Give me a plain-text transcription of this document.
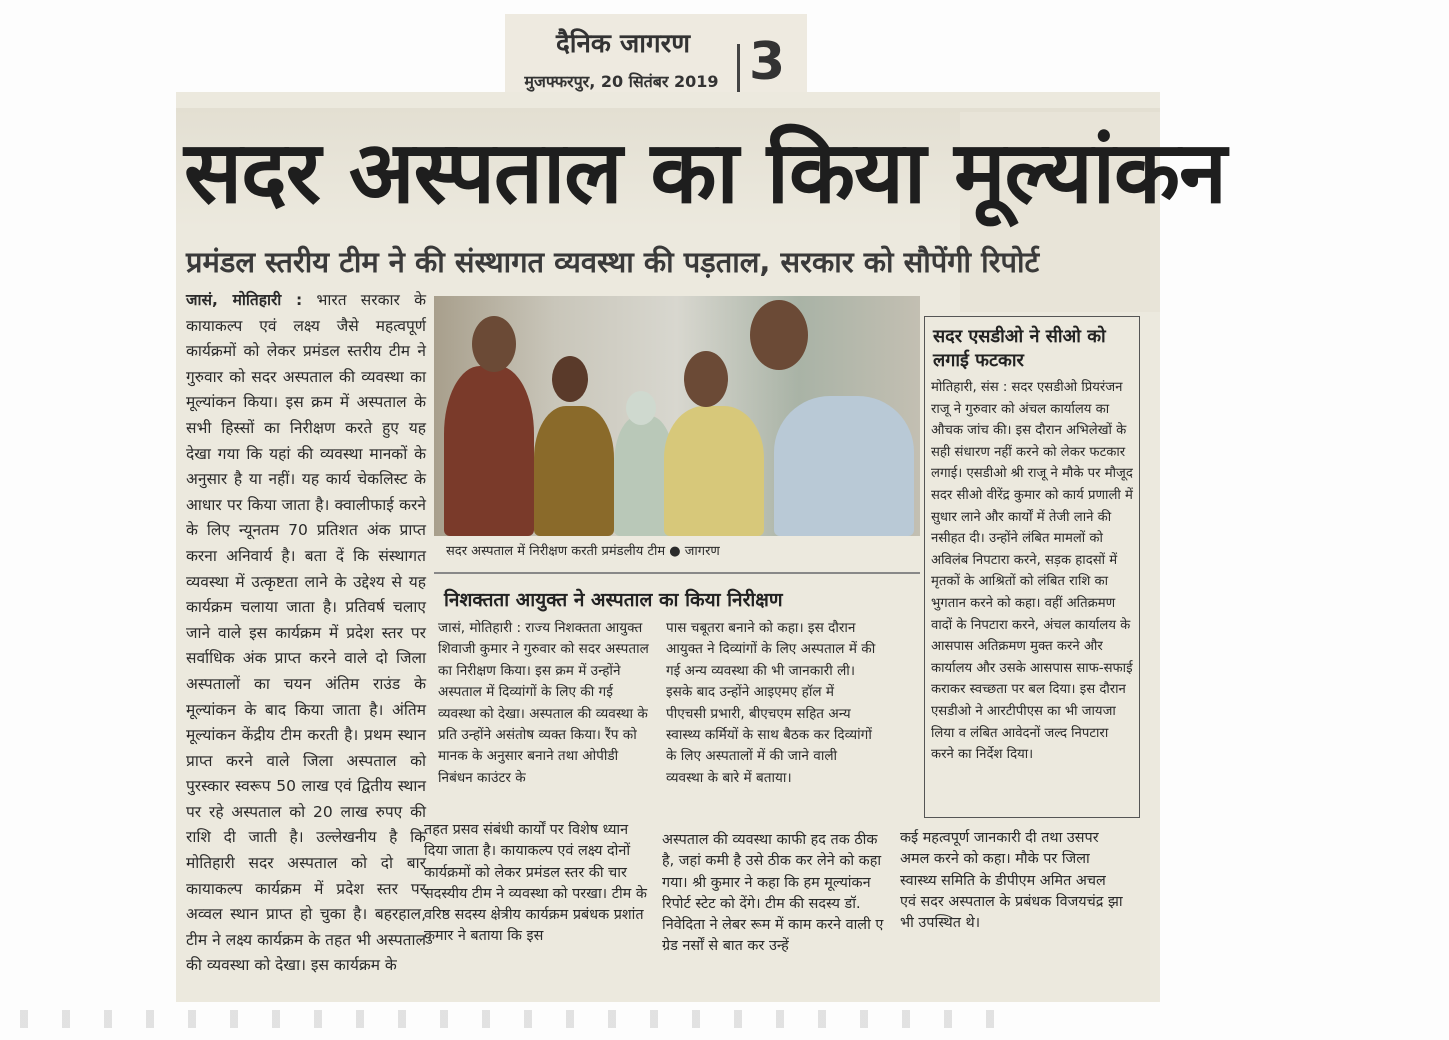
दैनिक जागरण
मुजफ्फरपुर, 20 सितंबर 2019 3
सदर अस्पताल का किया मूल्यांकन
प्रमंडल स्तरीय टीम ने की संस्थागत व्यवस्था की पड़ताल, सरकार को सौपेंगी रिपोर्ट
जासं, मोतिहारी : भारत सरकार के कायाकल्प एवं लक्ष्य जैसे महत्वपूर्ण कार्यक्रमों को लेकर प्रमंडल स्तरीय टीम ने गुरुवार को सदर अस्पताल की व्यवस्था का मूल्यांकन किया। इस क्रम में अस्पताल के सभी हिस्सों का निरीक्षण करते हुए यह देखा गया कि यहां की व्यवस्था मानकों के अनुसार है या नहीं। यह कार्य चेकलिस्ट के आधार पर किया जाता है। क्वालीफाई करने के लिए न्यूनतम 70 प्रतिशत अंक प्राप्त करना अनिवार्य है। बता दें कि संस्थागत व्यवस्था में उत्कृष्टता लाने के उद्देश्य से यह कार्यक्रम चलाया जाता है। प्रतिवर्ष चलाए जाने वाले इस कार्यक्रम में प्रदेश स्तर पर सर्वाधिक अंक प्राप्त करने वाले दो जिला अस्पतालों का चयन अंतिम राउंड के मूल्यांकन के बाद किया जाता है। अंतिम मूल्यांकन केंद्रीय टीम करती है। प्रथम स्थान प्राप्त करने वाले जिला अस्पताल को पुरस्कार स्वरूप 50 लाख एवं द्वितीय स्थान पर रहे अस्पताल को 20 लाख रुपए की राशि दी जाती है। उल्लेखनीय है कि मोतिहारी सदर अस्पताल को दो बार कायाकल्प कार्यक्रम में प्रदेश स्तर पर अव्वल स्थान प्राप्त हो चुका है। बहरहाल, टीम ने लक्ष्य कार्यक्रम के तहत भी अस्पताल की व्यवस्था को देखा। इस कार्यक्रम के
सदर अस्पताल में निरीक्षण करती प्रमंडलीय टीम ● जागरण
निशक्तता आयुक्त ने अस्पताल का किया निरीक्षण
जासं, मोतिहारी : राज्य निशक्तता आयुक्त शिवाजी कुमार ने गुरुवार को सदर अस्पताल का निरीक्षण किया। इस क्रम में उन्होंने अस्पताल में दिव्यांगों के लिए की गई व्यवस्था को देखा। अस्पताल की व्यवस्था के प्रति उन्होंने असंतोष व्यक्त किया। रैंप को मानक के अनुसार बनाने तथा ओपीडी निबंधन काउंटर के
पास चबूतरा बनाने को कहा। इस दौरान आयुक्त ने दिव्यांगों के लिए अस्पताल में की गई अन्य व्यवस्था की भी जानकारी ली। इसके बाद उन्होंने आइएमए हॉल में पीएचसी प्रभारी, बीएचएम सहित अन्य स्वास्थ्य कर्मियों के साथ बैठक कर दिव्यांगों के लिए अस्पतालों में की जाने वाली व्यवस्था के बारे में बताया।
सदर एसडीओ ने सीओ को लगाई फटकार
मोतिहारी, संस : सदर एसडीओ प्रियरंजन राजू ने गुरुवार को अंचल कार्यालय का औचक जांच की। इस दौरान अभिलेखों के सही संधारण नहीं करने को लेकर फटकार लगाई। एसडीओ श्री राजू ने मौके पर मौजूद सदर सीओ वीरेंद्र कुमार को कार्य प्रणाली में सुधार लाने और कार्यों में तेजी लाने की नसीहत दी। उन्होंने लंबित मामलों को अविलंब निपटारा करने, सड़क हादसों में मृतकों के आश्रितों को लंबित राशि का भुगतान करने को कहा। वहीं अतिक्रमण वादों के निपटारा करने, अंचल कार्यालय के आसपास अतिक्रमण मुक्त करने और कार्यालय और उसके आसपास साफ-सफाई कराकर स्वच्छता पर बल दिया। इस दौरान एसडीओ ने आरटीपीएस का भी जायजा लिया व लंबित आवेदनों जल्द निपटारा करने का निर्देश दिया।
तहत प्रसव संबंधी कार्यों पर विशेष ध्यान दिया जाता है। कायाकल्प एवं लक्ष्य दोनों कार्यक्रमों को लेकर प्रमंडल स्तर की चार सदस्यीय टीम ने व्यवस्था को परखा। टीम के वरिष्ठ सदस्य क्षेत्रीय कार्यक्रम प्रबंधक प्रशांत कुमार ने बताया कि इस
अस्पताल की व्यवस्था काफी हद तक ठीक है, जहां कमी है उसे ठीक कर लेने को कहा गया। श्री कुमार ने कहा कि हम मूल्यांकन रिपोर्ट स्टेट को देंगे। टीम की सदस्य डॉ. निवेदिता ने लेबर रूम में काम करने वाली ए ग्रेड नर्सों से बात कर उन्हें
कई महत्वपूर्ण जानकारी दी तथा उसपर अमल करने को कहा। मौके पर जिला स्वास्थ्य समिति के डीपीएम अमित अचल एवं सदर अस्पताल के प्रबंधक विजयचंद्र झा भी उपस्थित थे।
